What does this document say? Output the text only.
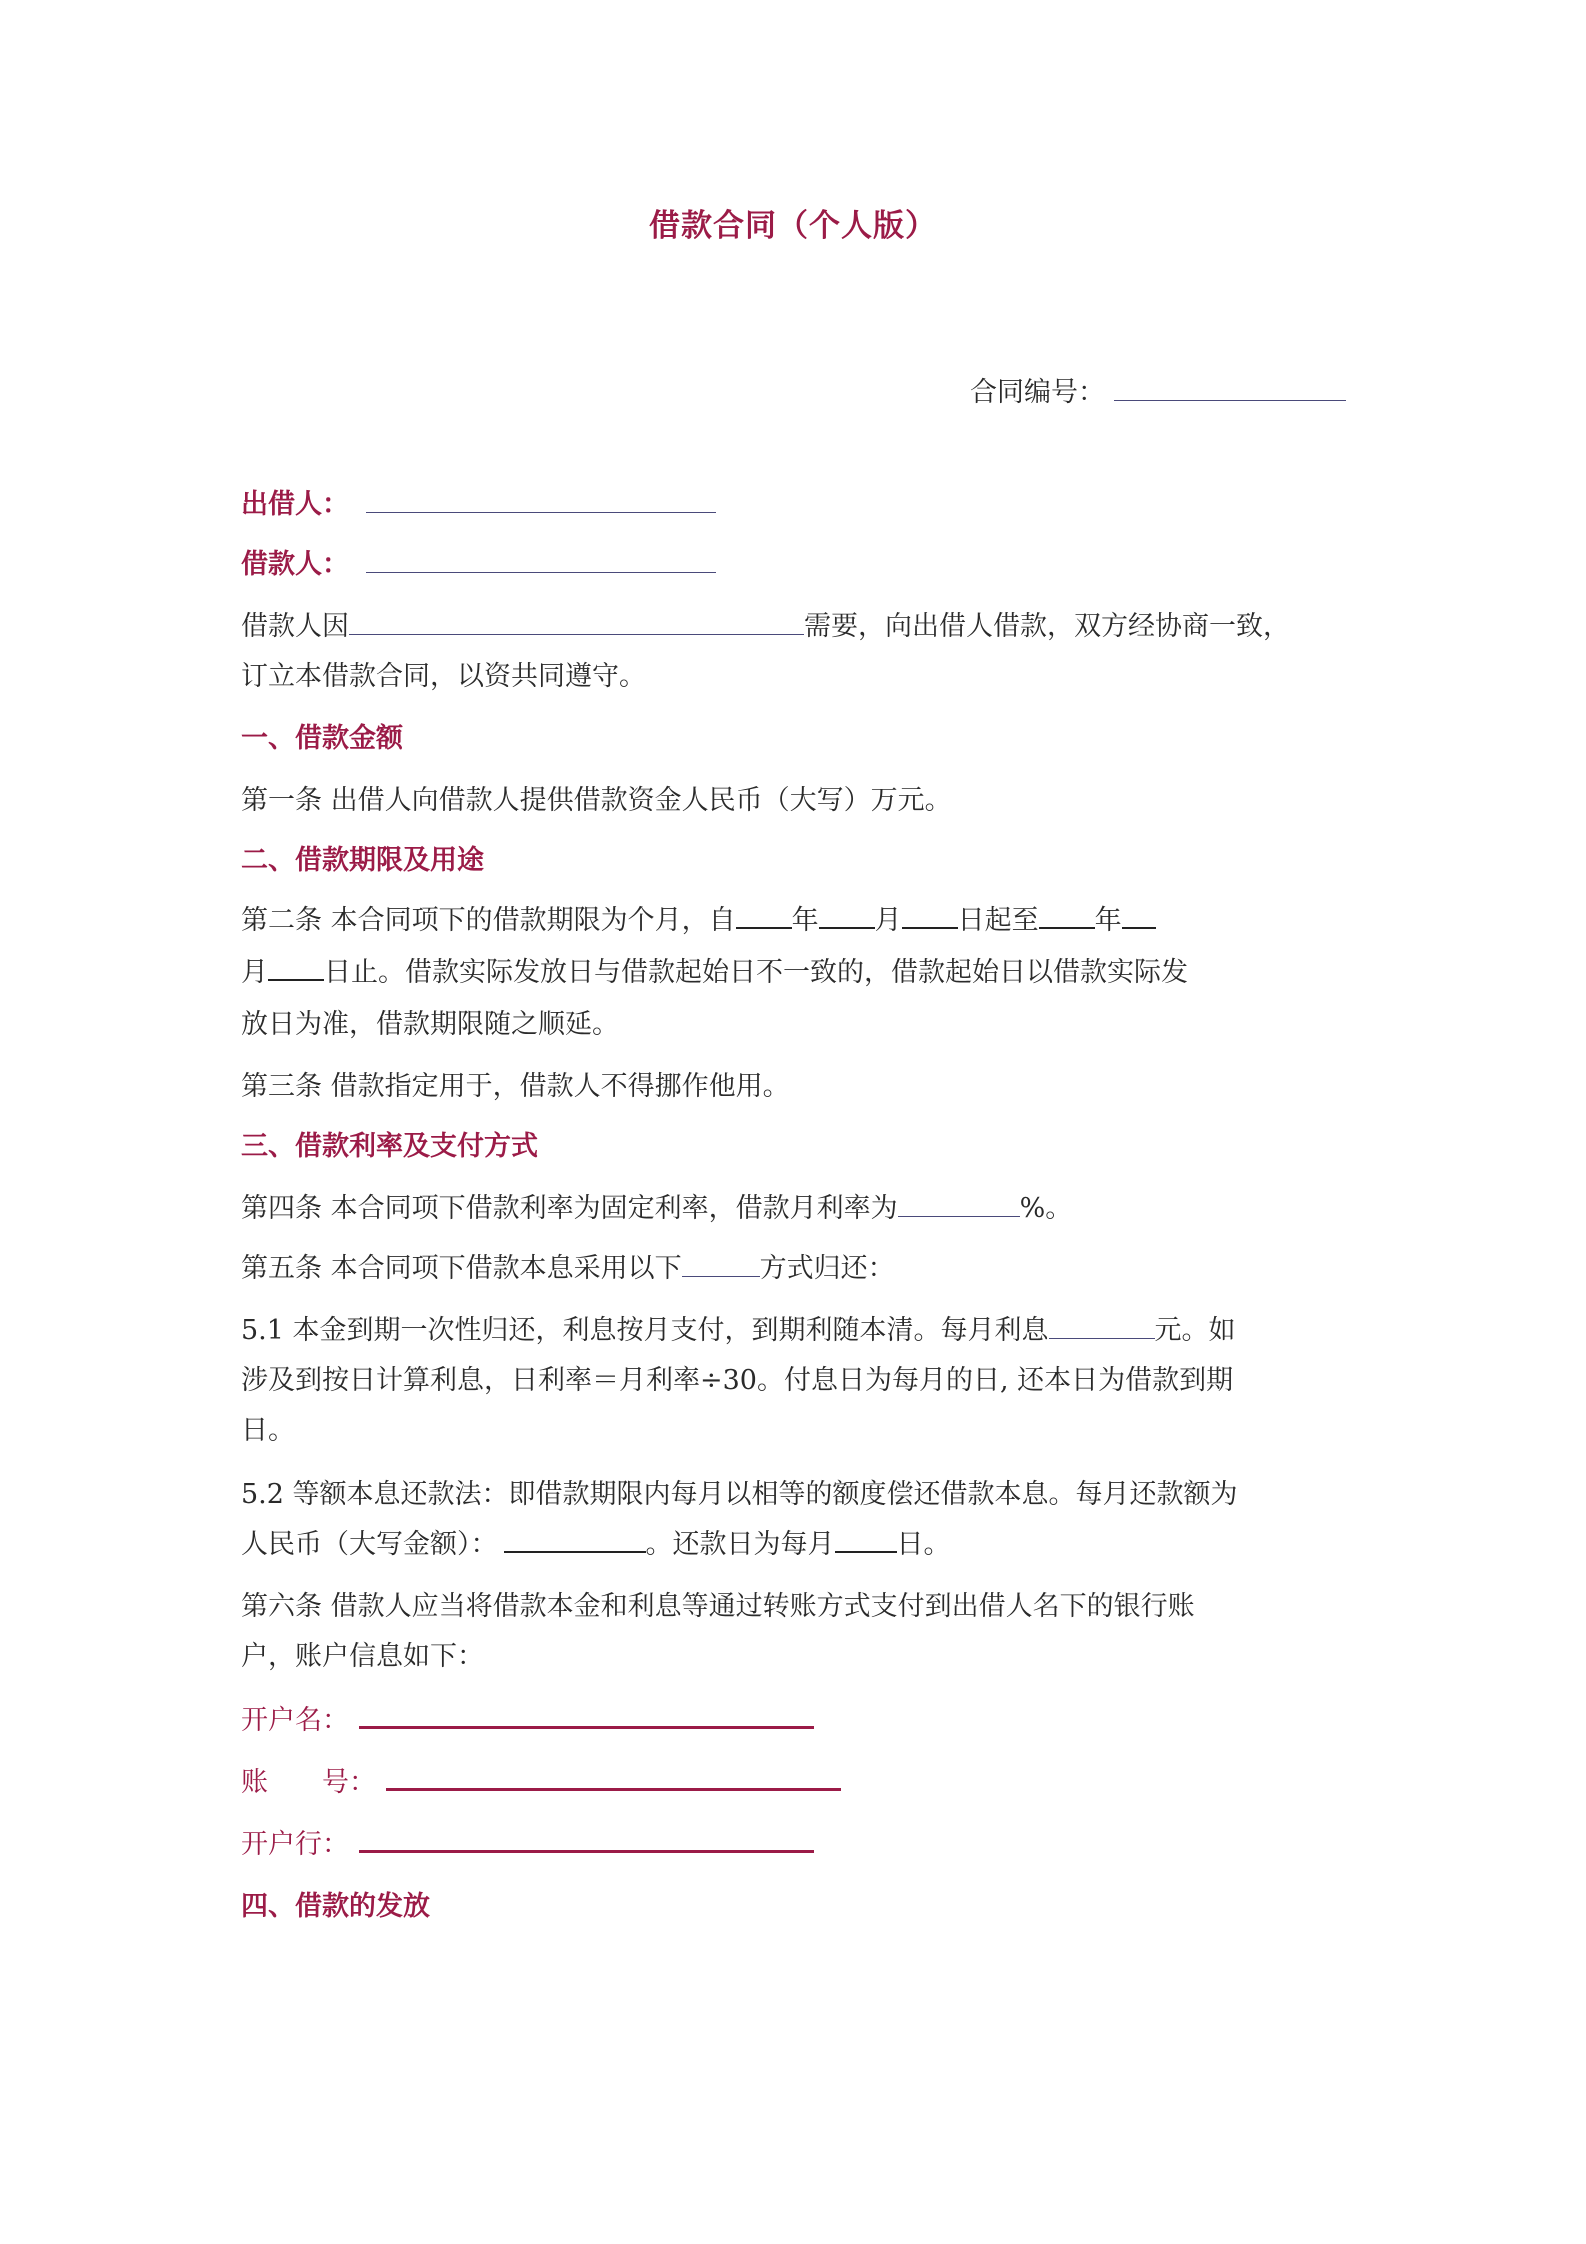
借款合同（个人版）
合同编号：
出借人：
借款人：
借款人因	需要，向出借人借款，双方经协商一致，
订立本借款合同，以资共同遵守。
一、借款金额
第一条 出借人向借款人提供借款资金人民币（大写）万元。
二、借款期限及用途
第二条 本合同项下的借款期限为个月，自 年 月 日起至 年
月 日止。借款实际发放日与借款起始日不一致的，借款起始日以借款实际发
放日为准，借款期限随之顺延。
第三条 借款指定用于，借款人不得挪作他用。
三、借款利率及支付方式
第四条 本合同项下借款利率为固定利率，借款月利率为	%。
第五条 本合同项下借款本息采用以下	方式归还：
5.1 本金到期一次性归还，利息按月支付，到期利随本清。每月利息	元。如
涉及到按日计算利息，日利率＝月利率÷30。付息日为每月的日, 还本日为借款到期
日。
5.2 等额本息还款法：即借款期限内每月以相等的额度偿还借款本息。每月还款额为
人民币（大写金额）：	。还款日为每月 日。
第六条 借款人应当将借款本金和利息等通过转账方式支付到出借人名下的银行账
户，账户信息如下：
开户名：
账 号：
开户行：
四、借款的发放
